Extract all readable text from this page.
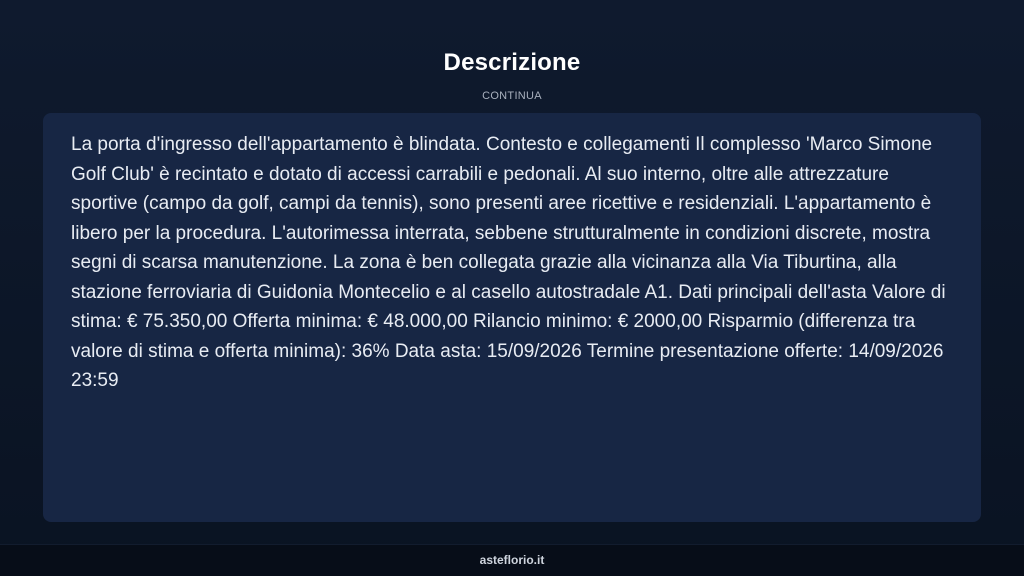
Descrizione
CONTINUA

La porta d'ingresso dell'appartamento è blindata. Contesto e collegamenti Il complesso 'Marco Simone Golf Club' è recintato e dotato di accessi carrabili e pedonali. Al suo interno, oltre alle attrezzature sportive (campo da golf, campi da tennis), sono presenti aree ricettive e residenziali. L'appartamento è libero per la procedura. L'autorimessa interrata, sebbene strutturalmente in condizioni discrete, mostra segni di scarsa manutenzione. La zona è ben collegata grazie alla vicinanza alla Via Tiburtina, alla stazione ferroviaria di Guidonia Montecelio e al casello autostradale A1. Dati principali dell'asta Valore di stima: € 75.350,00 Offerta minima: € 48.000,00 Rilancio minimo: € 2000,00 Risparmio (differenza tra valore di stima e offerta minima): 36% Data asta: 15/09/2026 Termine presentazione offerte: 14/09/2026 23:59

asteflorio.it
